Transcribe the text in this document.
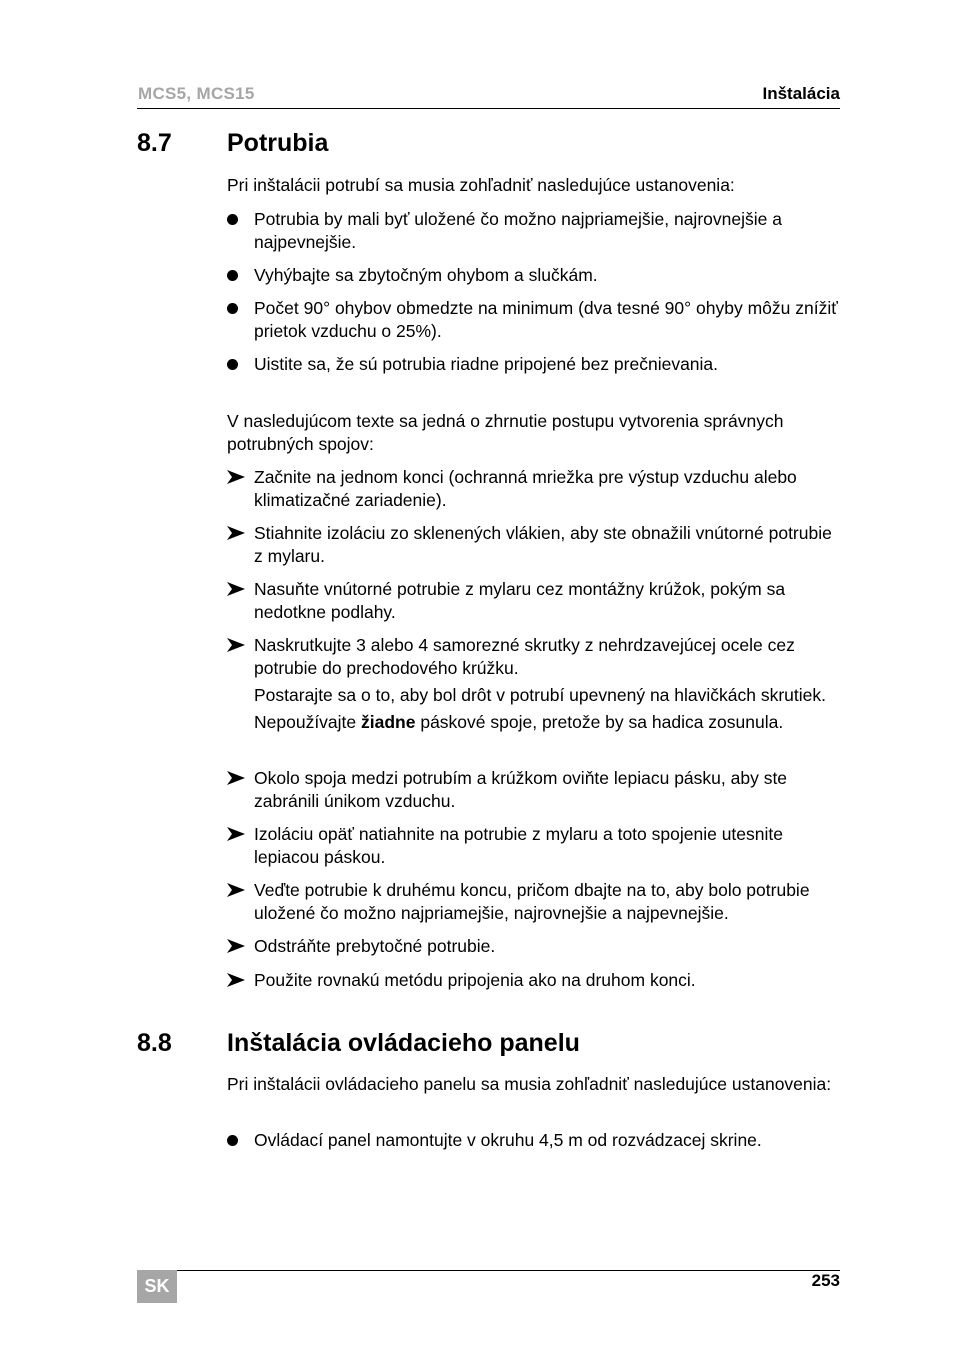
MCS5, MCS15	Inštalácia
8.7 Potrubia
Pri inštalácii potrubí sa musia zohľadniť nasledujúce ustanovenia:
Potrubia by mali byť uložené čo možno najpriamejšie, najrovnejšie a najpevnejšie.
Vyhýbajte sa zbytočným ohybom a slučkám.
Počet 90° ohybov obmedzte na minimum (dva tesné 90° ohyby môžu znížiť prietok vzduchu o 25%).
Uistite sa, že sú potrubia riadne pripojené bez prečnievania.
V nasledujúcom texte sa jedná o zhrnutie postupu vytvorenia správnych potrubných spojov:
Začnite na jednom konci (ochranná mriežka pre výstup vzduchu alebo klimatizačné zariadenie).
Stiahnite izoláciu zo sklenených vlákien, aby ste obnažili vnútorné potrubie z mylaru.
Nasuňte vnútorné potrubie z mylaru cez montážny krúžok, pokým sa nedotkne podlahy.
Naskrutkujte 3 alebo 4 samorezné skrutky z nehrdzavejúcej ocele cez potrubie do prechodového krúžku.
Postarajte sa o to, aby bol drôt v potrubí upevnený na hlavičkách skrutiek.
Nepoužívajte žiadne páskové spoje, pretože by sa hadica zosunula.
Okolo spoja medzi potrubím a krúžkom oviňte lepiacu pásku, aby ste zabránili únikom vzduchu.
Izoláciu opäť natiahnite na potrubie z mylaru a toto spojenie utesnite lepiacou páskou.
Veďte potrubie k druhému koncu, pričom dbajte na to, aby bolo potrubie uložené čo možno najpriamejšie, najrovnejšie a najpevnejšie.
Odstráňte prebytočné potrubie.
Použite rovnakú metódu pripojenia ako na druhom konci.
8.8 Inštalácia ovládacieho panelu
Pri inštalácii ovládacieho panelu sa musia zohľadniť nasledujúce ustanovenia:
Ovládací panel namontujte v okruhu 4,5 m od rozvádzacej skrine.
SK	253
